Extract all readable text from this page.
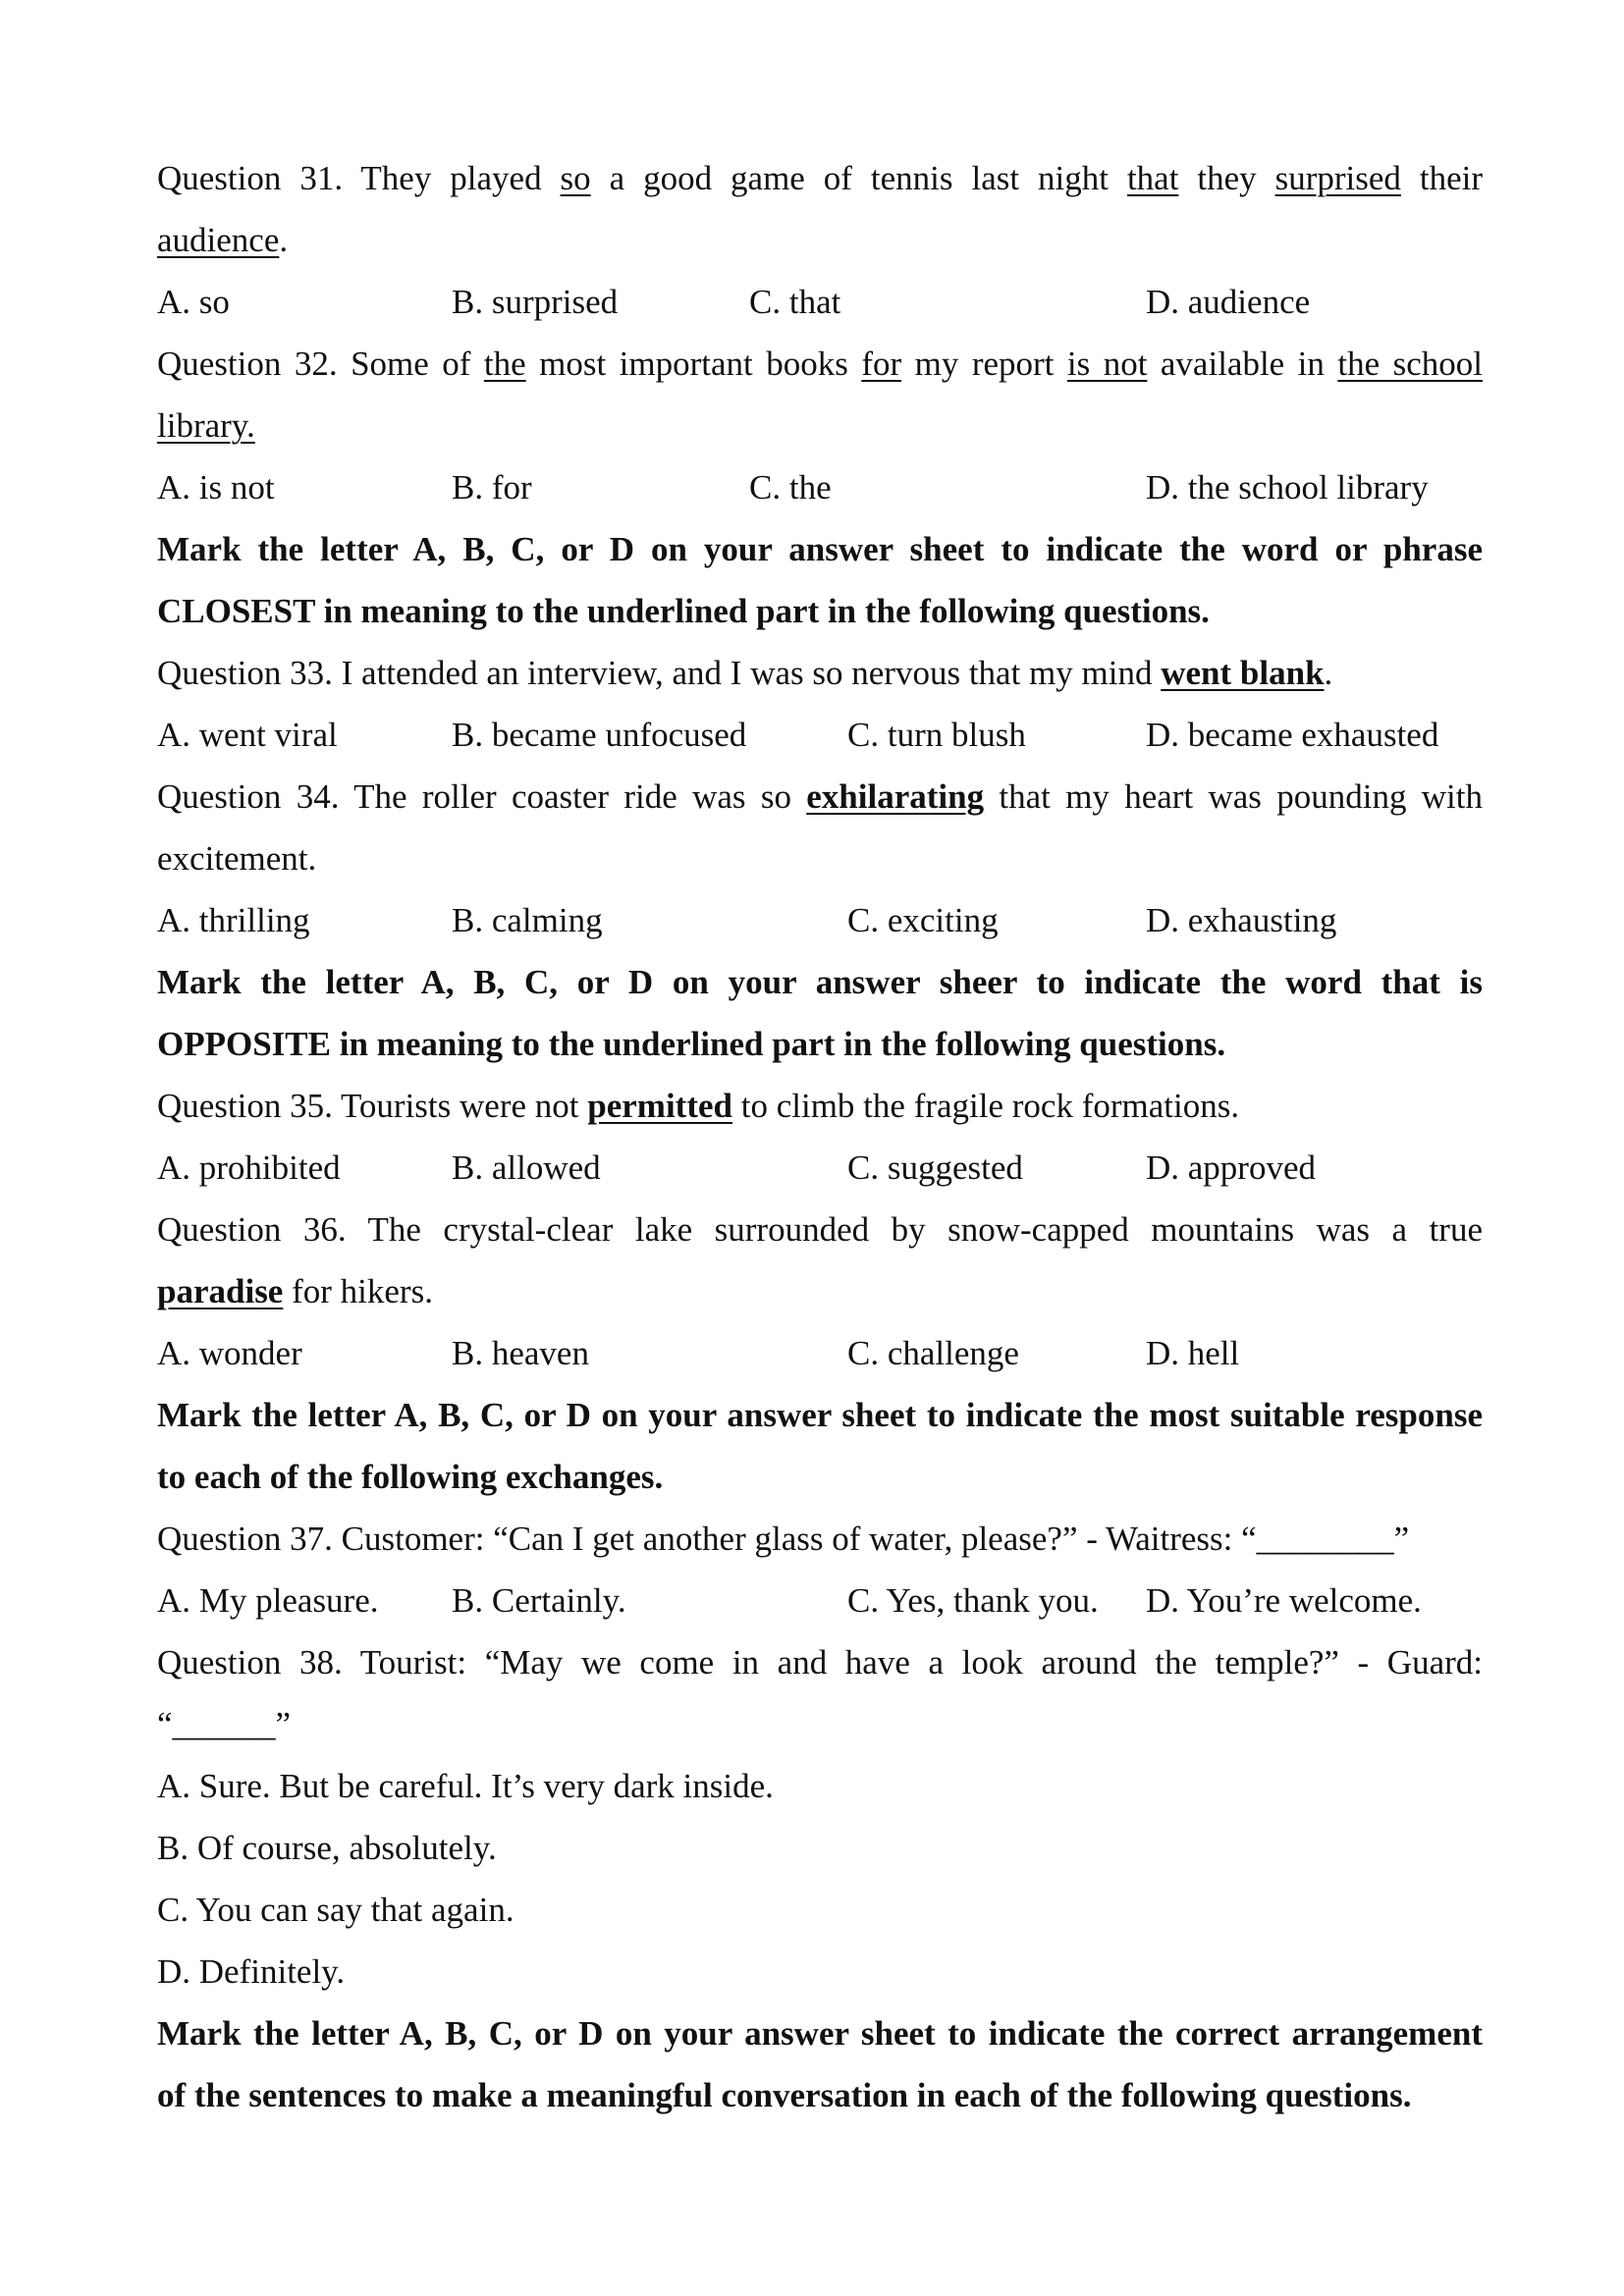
Question 31. They played so a good game of tennis last night that they surprised their
audience.
A. so	B. surprised	C. that	D. audience
Question 32. Some of the most important books for my report is not available in the school
library.
A. is not	B. for	C. the	D. the school library
Mark the letter A, B, C, or D on your answer sheet to indicate the word or phrase
CLOSEST in meaning to the underlined part in the following questions.
Question 33. I attended an interview, and I was so nervous that my mind went blank.
A. went viral	B. became unfocused	C. turn blush	D. became exhausted
Question 34. The roller coaster ride was so exhilarating that my heart was pounding with
excitement.
A. thrilling	B. calming	C. exciting	D. exhausting
Mark the letter A, B, C, or D on your answer sheer to indicate the word that is
OPPOSITE in meaning to the underlined part in the following questions.
Question 35. Tourists were not permitted to climb the fragile rock formations.
A. prohibited	B. allowed	C. suggested	D. approved
Question 36. The crystal-clear lake surrounded by snow-capped mountains was a true
paradise for hikers.
A. wonder	B. heaven	C. challenge	D. hell
Mark the letter A, B, C, or D on your answer sheet to indicate the most suitable response
to each of the following exchanges.
Question 37. Customer: “Can I get another glass of water, please?” - Waitress: “________”
A. My pleasure. B. Certainly.	C. Yes, thank you. D. You’re welcome.
Question 38. Tourist: “May we come in and have a look around the temple?” - Guard:
“______”
A. Sure. But be careful. It’s very dark inside.
B. Of course, absolutely.
C. You can say that again.
D. Definitely.
Mark the letter A, B, C, or D on your answer sheet to indicate the correct arrangement
of the sentences to make a meaningful conversation in each of the following questions.
